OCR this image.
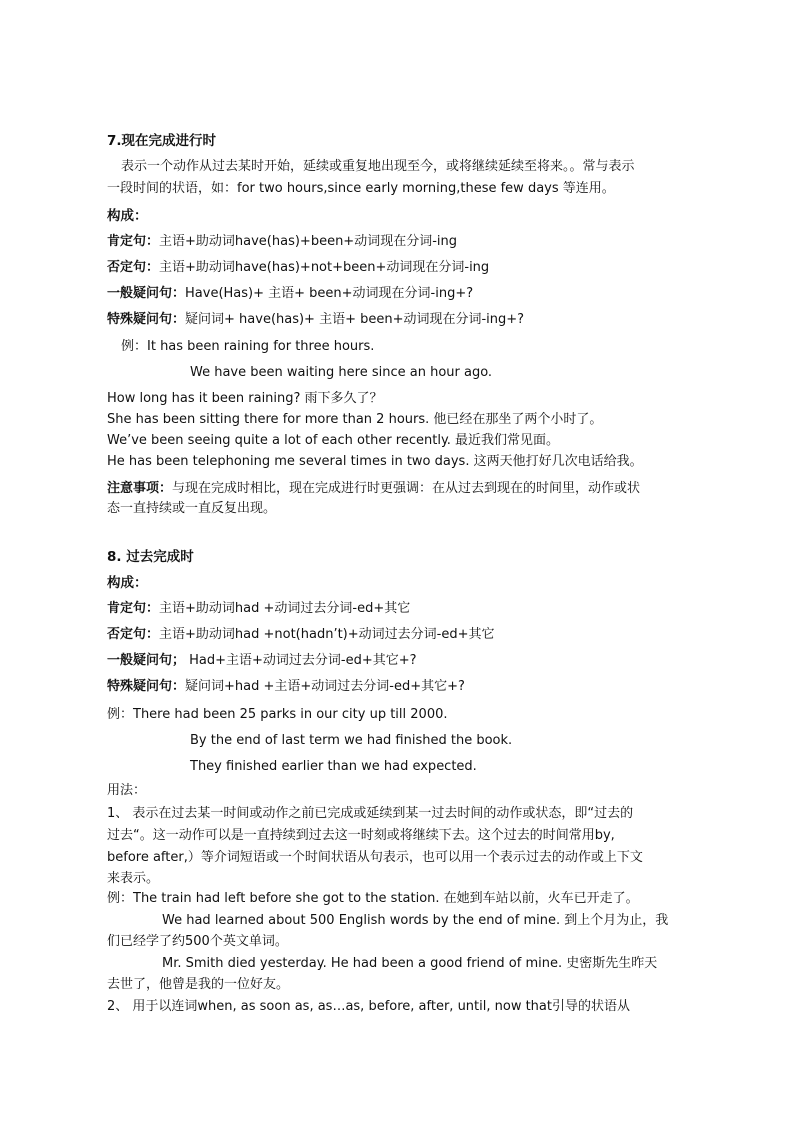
7.现在完成进行时
表示一个动作从过去某时开始，延续或重复地出现至今，或将继续延续至将来。。常与表示
一段时间的状语，如：for two hours,since early morning,these few days 等连用。
构成：
肯定句：主语+助动词have(has)+been+动词现在分词-ing
否定句：主语+助动词have(has)+not+been+动词现在分词-ing
一般疑问句：Have(Has)+ 主语+ been+动词现在分词-ing+?
特殊疑问句：疑问词+ have(has)+ 主语+ been+动词现在分词-ing+?
例：It has been raining for three hours.
We have been waiting here since an hour ago.
How long has it been raining? 雨下多久了？
She has been sitting there for more than 2 hours. 他已经在那坐了两个小时了。
We’ve been seeing quite a lot of each other recently. 最近我们常见面。
He has been telephoning me several times in two days. 这两天他打好几次电话给我。
注意事项：与现在完成时相比，现在完成进行时更强调：在从过去到现在的时间里，动作或状
态一直持续或一直反复出现。
8. 过去完成时
构成：
肯定句：主语+助动词had +动词过去分词-ed+其它
否定句：主语+助动词had +not(hadn’t)+动词过去分词-ed+其它
一般疑问句； Had+主语+动词过去分词-ed+其它+?
特殊疑问句：疑问词+had +主语+动词过去分词-ed+其它+?
例：There had been 25 parks in our city up till 2000.
By the end of last term we had finished the book.
They finished earlier than we had expected.
用法：
1、 表示在过去某一时间或动作之前已完成或延续到某一过去时间的动作或状态，即“过去的
过去“。这一动作可以是一直持续到过去这一时刻或将继续下去。这个过去的时间常用by,
before after,）等介词短语或一个时间状语从句表示，也可以用一个表示过去的动作或上下文
来表示。
例：The train had left before she got to the station. 在她到车站以前，火车已开走了。
We had learned about 500 English words by the end of mine. 到上个月为止，我
们已经学了约500个英文单词。
Mr. Smith died yesterday. He had been a good friend of mine. 史密斯先生昨天
去世了，他曾是我的一位好友。
2、 用于以连词when, as soon as, as…as, before, after, until, now that引导的状语从
